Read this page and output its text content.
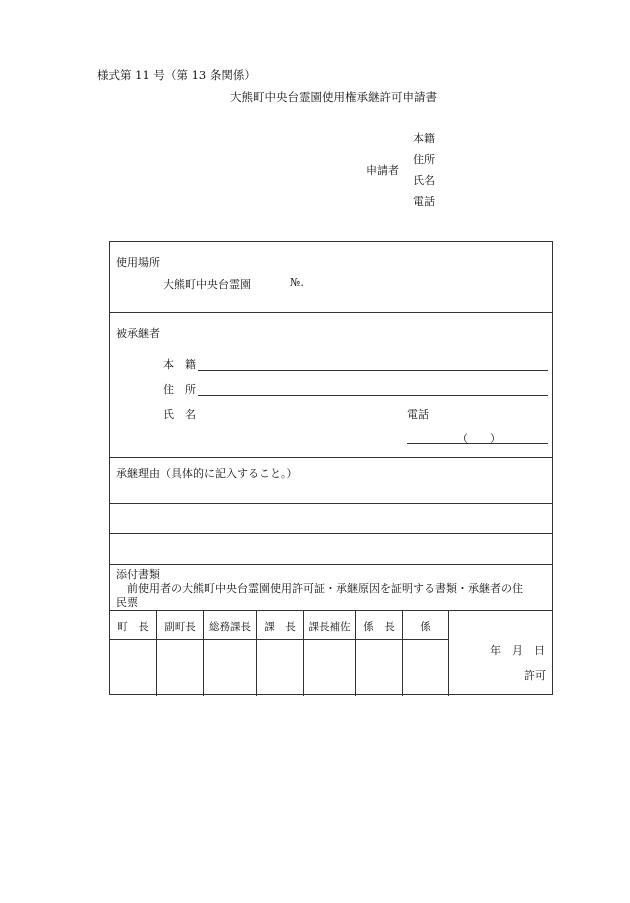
様式第 11 号（第 13 条関係）
大熊町中央台霊園使用権承継許可申請書
申請者
本籍
住所
氏名
電話
使用場所
大熊町中央台霊園	№.
被承継者
本　籍
住　所
氏　名	電話
（　　）
承継理由（具体的に記入すること。）
添付書類
　前使用者の大熊町中央台霊園使用許可証・承継原因を証明する書類・承継者の住
民票
町　長	副町長	総務課長	課　長	課長補佐	係　長	係
年　月　日
許可
